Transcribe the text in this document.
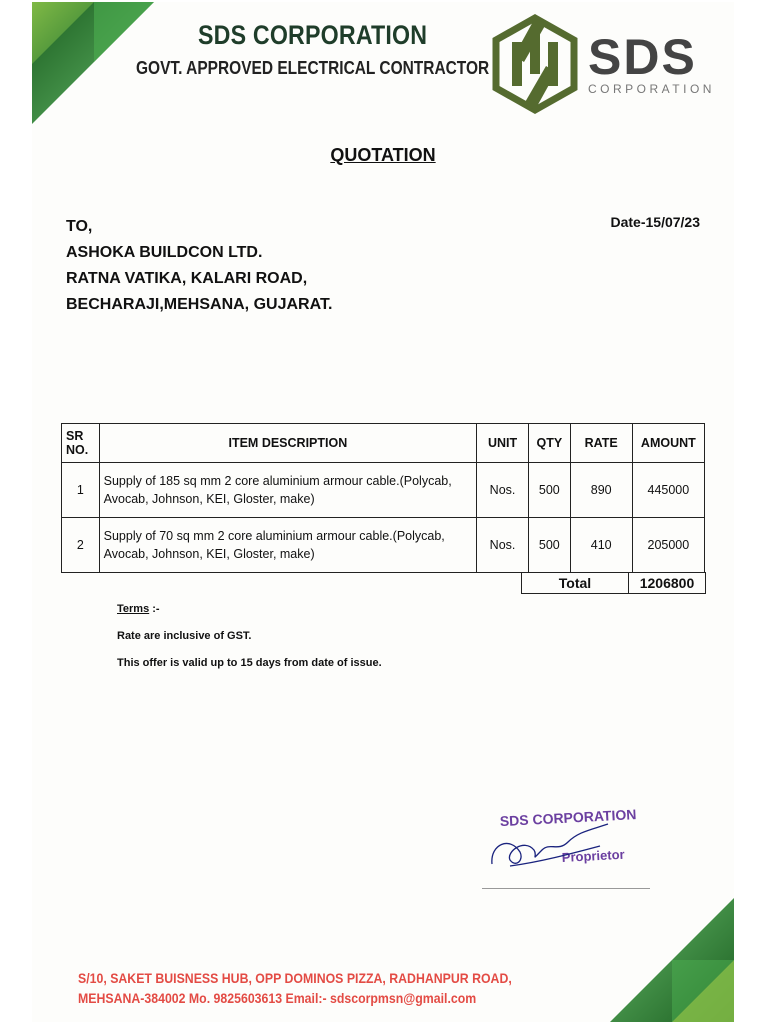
SDS CORPORATION
GOVT. APPROVED ELECTRICAL CONTRACTOR SDS
CORPORATION
QUOTATION
TO,
ASHOKA BUILDCON LTD.
RATNA VATIKA, KALARI ROAD,
BECHARAJI,MEHSANA, GUJARAT.
Date-15/07/23
SR NO.	ITEM DESCRIPTION	UNIT	QTY	RATE	AMOUNT
1	Supply of 185 sq mm 2 core aluminium armour cable.(Polycab, Avocab, Johnson, KEI, Gloster, make)	Nos.	500	890	445000
2	Supply of 70 sq mm 2 core aluminium armour cable.(Polycab, Avocab, Johnson, KEI, Gloster, make)	Nos.	500	410	205000
Total	1206800
Terms :-
Rate are inclusive of GST.
This offer is valid up to 15 days from date of issue.
SDS CORPORATION
Proprietor
S/10, SAKET BUISNESS HUB, OPP DOMINOS PIZZA, RADHANPUR ROAD,
MEHSANA-384002 Mo. 9825603613 Email:- sdscorpmsn@gmail.com
